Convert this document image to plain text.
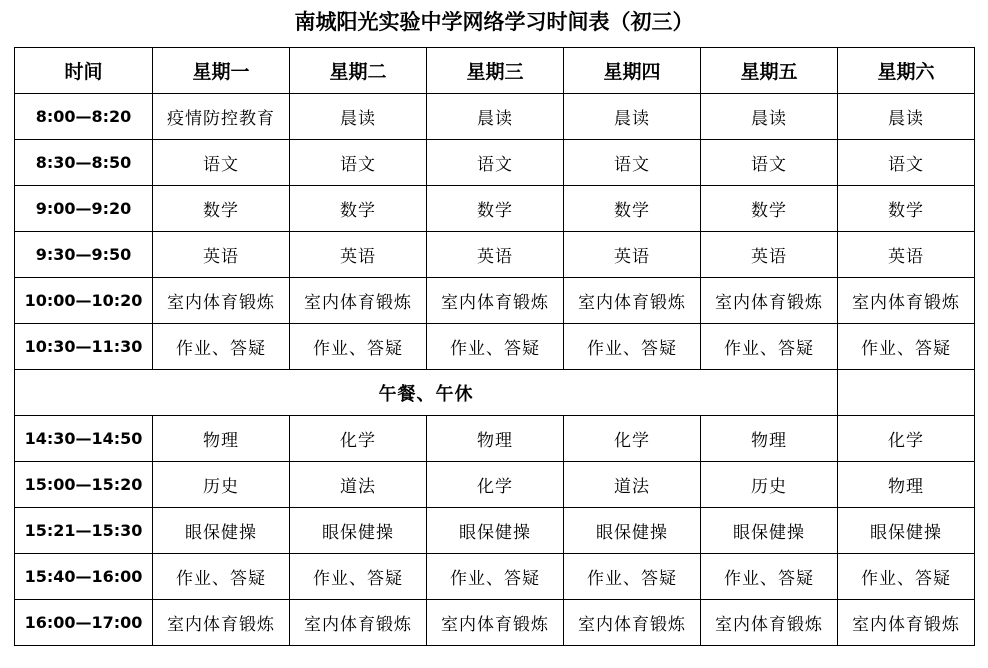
南城阳光实验中学网络学习时间表（初三）
时间	星期一	星期二	星期三	星期四	星期五	星期六
8:00—8:20	疫情防控教育	晨读	晨读	晨读	晨读	晨读
8:30—8:50	语文	语文	语文	语文	语文	语文
9:00—9:20	数学	数学	数学	数学	数学	数学
9:30—9:50	英语	英语	英语	英语	英语	英语
10:00—10:20	室内体育锻炼	室内体育锻炼	室内体育锻炼	室内体育锻炼	室内体育锻炼	室内体育锻炼
10:30—11:30	作业、答疑	作业、答疑	作业、答疑	作业、答疑	作业、答疑	作业、答疑
午餐、午休						
14:30—14:50	物理	化学	物理	化学	物理	化学
15:00—15:20	历史	道法	化学	道法	历史	物理
15:21—15:30	眼保健操	眼保健操	眼保健操	眼保健操	眼保健操	眼保健操
15:40—16:00	作业、答疑	作业、答疑	作业、答疑	作业、答疑	作业、答疑	作业、答疑
16:00—17:00	室内体育锻炼	室内体育锻炼	室内体育锻炼	室内体育锻炼	室内体育锻炼	室内体育锻炼
